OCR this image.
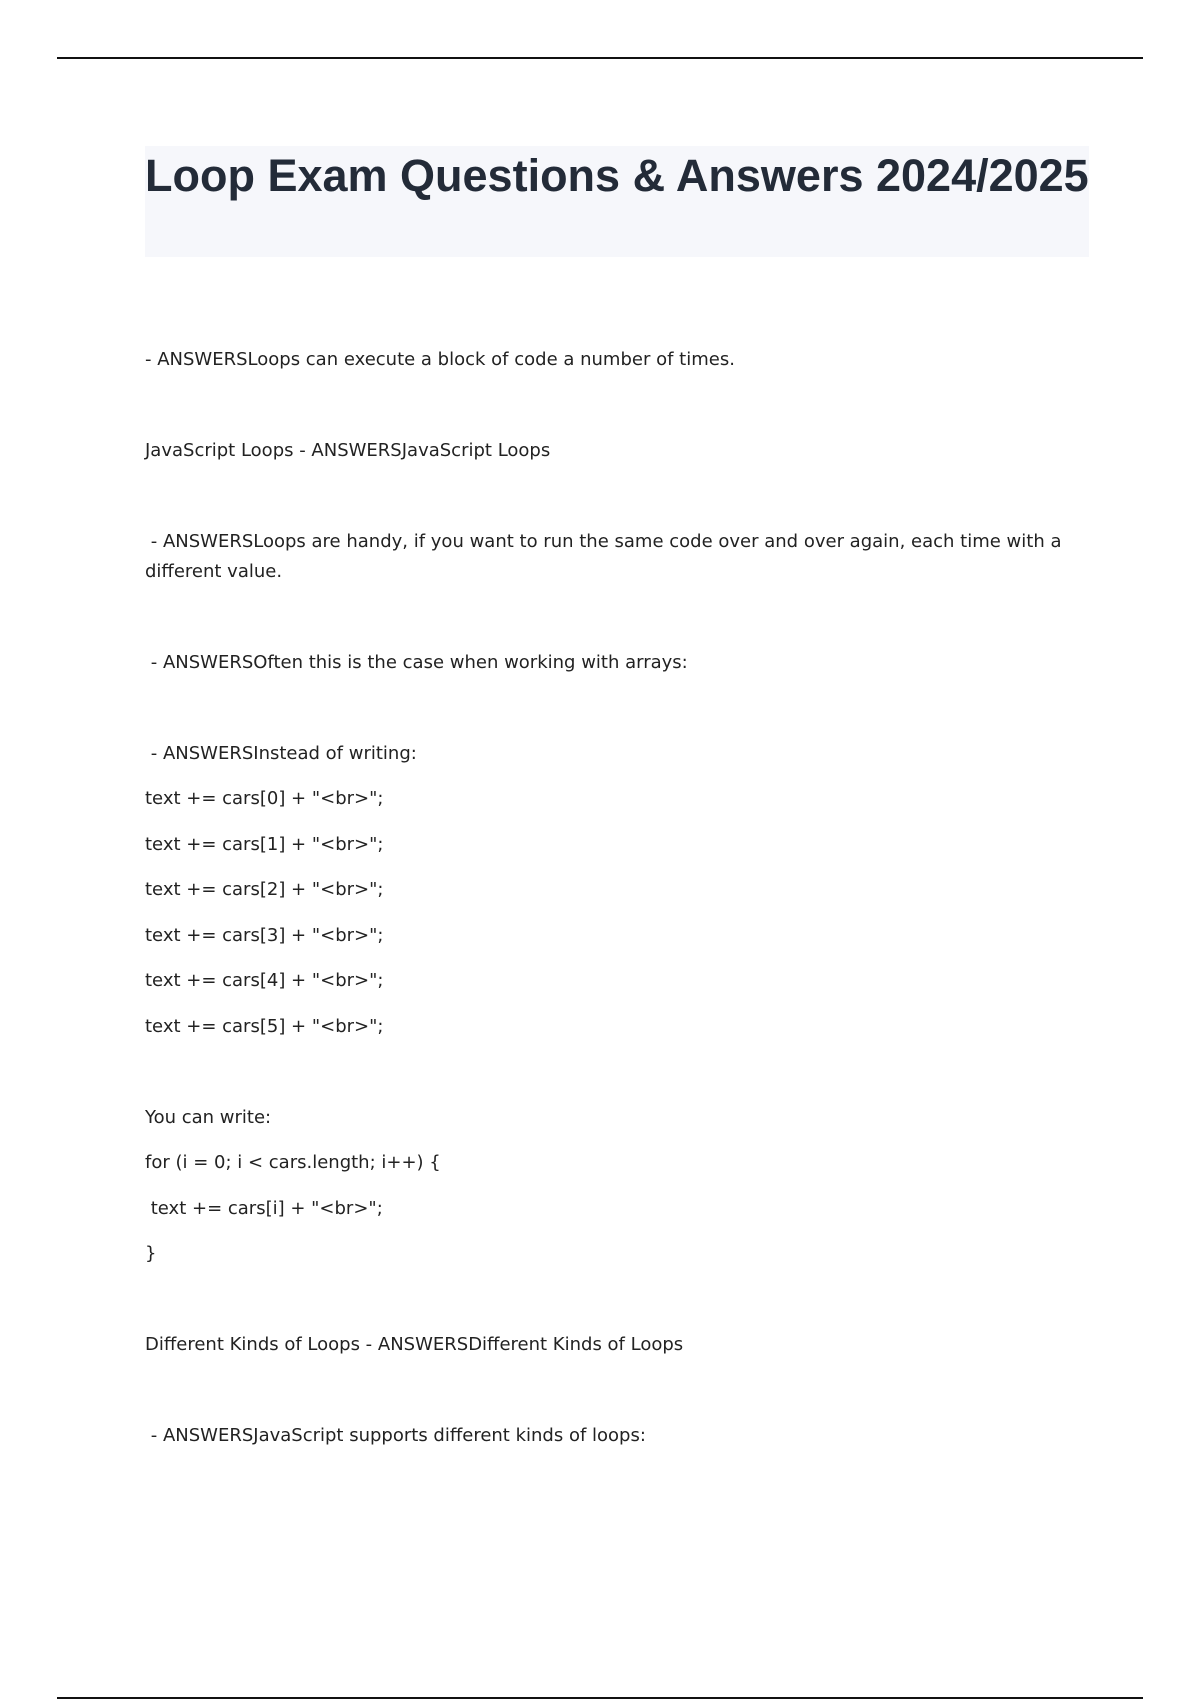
Loop Exam Questions & Answers 2024/2025
- ANSWERSLoops can execute a block of code a number of times.
JavaScript Loops - ANSWERSJavaScript Loops
- ANSWERSLoops are handy, if you want to run the same code over and over again, each time with a different value.
- ANSWERSOften this is the case when working with arrays:
- ANSWERSInstead of writing:
text += cars[0] + "<br>";
text += cars[1] + "<br>";
text += cars[2] + "<br>";
text += cars[3] + "<br>";
text += cars[4] + "<br>";
text += cars[5] + "<br>";
You can write:
for (i = 0; i < cars.length; i++) {
text += cars[i] + "<br>";
}
Different Kinds of Loops - ANSWERSDifferent Kinds of Loops
- ANSWERSJavaScript supports different kinds of loops:
